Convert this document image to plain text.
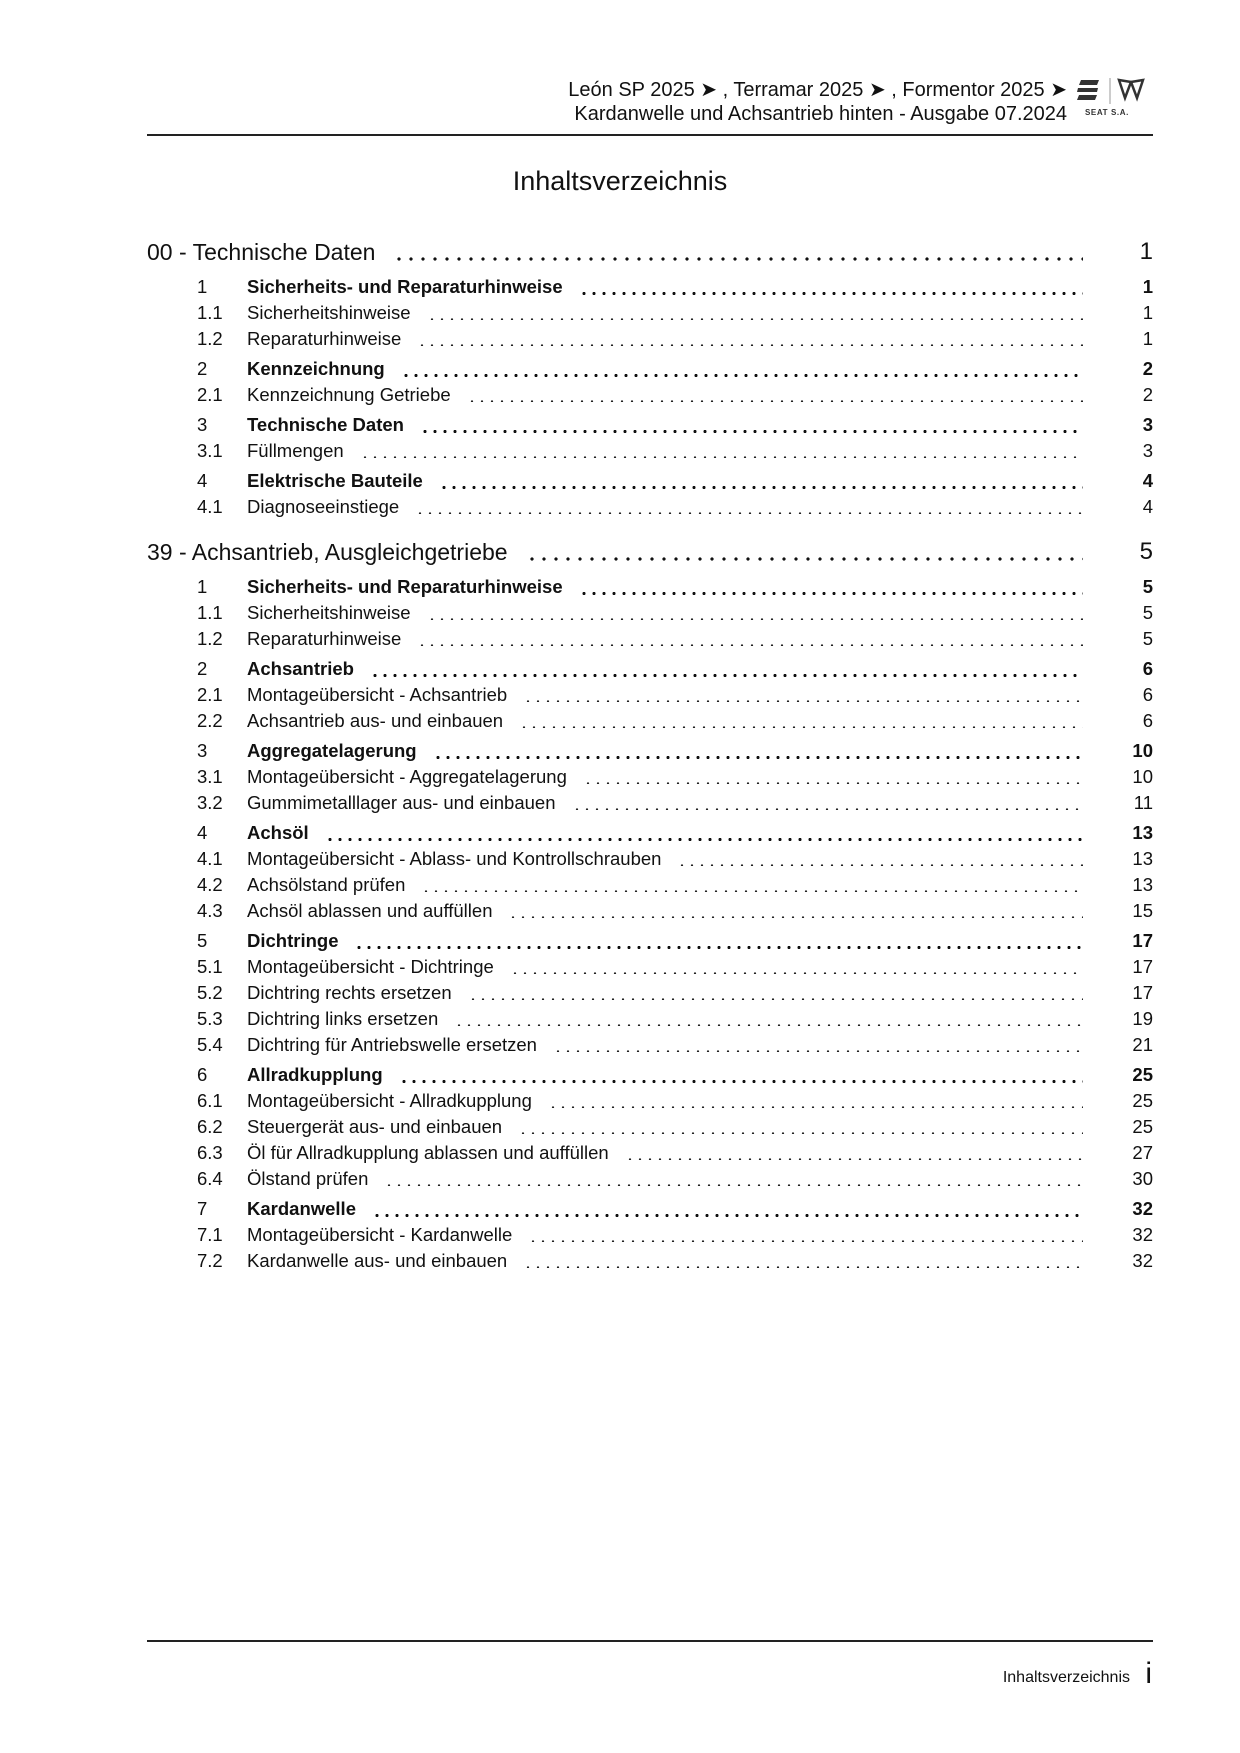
León SP 2025 ➤ , Terramar 2025 ➤ , Formentor 2025 ➤
Kardanwelle und Achsantrieb hinten - Ausgabe 07.2024 SEAT S.A.
Inhaltsverzeichnis
00 - Technische Daten	1
1	Sicherheits- und Reparaturhinweise	1
1.1	Sicherheitshinweise	1
1.2	Reparaturhinweise	1
2	Kennzeichnung	2
2.1	Kennzeichnung Getriebe	2
3	Technische Daten	3
3.1	Füllmengen	3
4	Elektrische Bauteile	4
4.1	Diagnoseeinstiege	4
39 - Achsantrieb, Ausgleichgetriebe	5
1	Sicherheits- und Reparaturhinweise	5
1.1	Sicherheitshinweise	5
1.2	Reparaturhinweise	5
2	Achsantrieb	6
2.1	Montageübersicht - Achsantrieb	6
2.2	Achsantrieb aus- und einbauen	6
3	Aggregatelagerung	10
3.1	Montageübersicht - Aggregatelagerung	10
3.2	Gummimetalllager aus- und einbauen	11
4	Achsöl	13
4.1	Montageübersicht - Ablass- und Kontrollschrauben	13
4.2	Achsölstand prüfen	13
4.3	Achsöl ablassen und auffüllen	15
5	Dichtringe	17
5.1	Montageübersicht - Dichtringe	17
5.2	Dichtring rechts ersetzen	17
5.3	Dichtring links ersetzen	19
5.4	Dichtring für Antriebswelle ersetzen	21
6	Allradkupplung	25
6.1	Montageübersicht - Allradkupplung	25
6.2	Steuergerät aus- und einbauen	25
6.3	Öl für Allradkupplung ablassen und auffüllen	27
6.4	Ölstand prüfen	30
7	Kardanwelle	32
7.1	Montageübersicht - Kardanwelle	32
7.2	Kardanwelle aus- und einbauen	32
Inhaltsverzeichnis i
